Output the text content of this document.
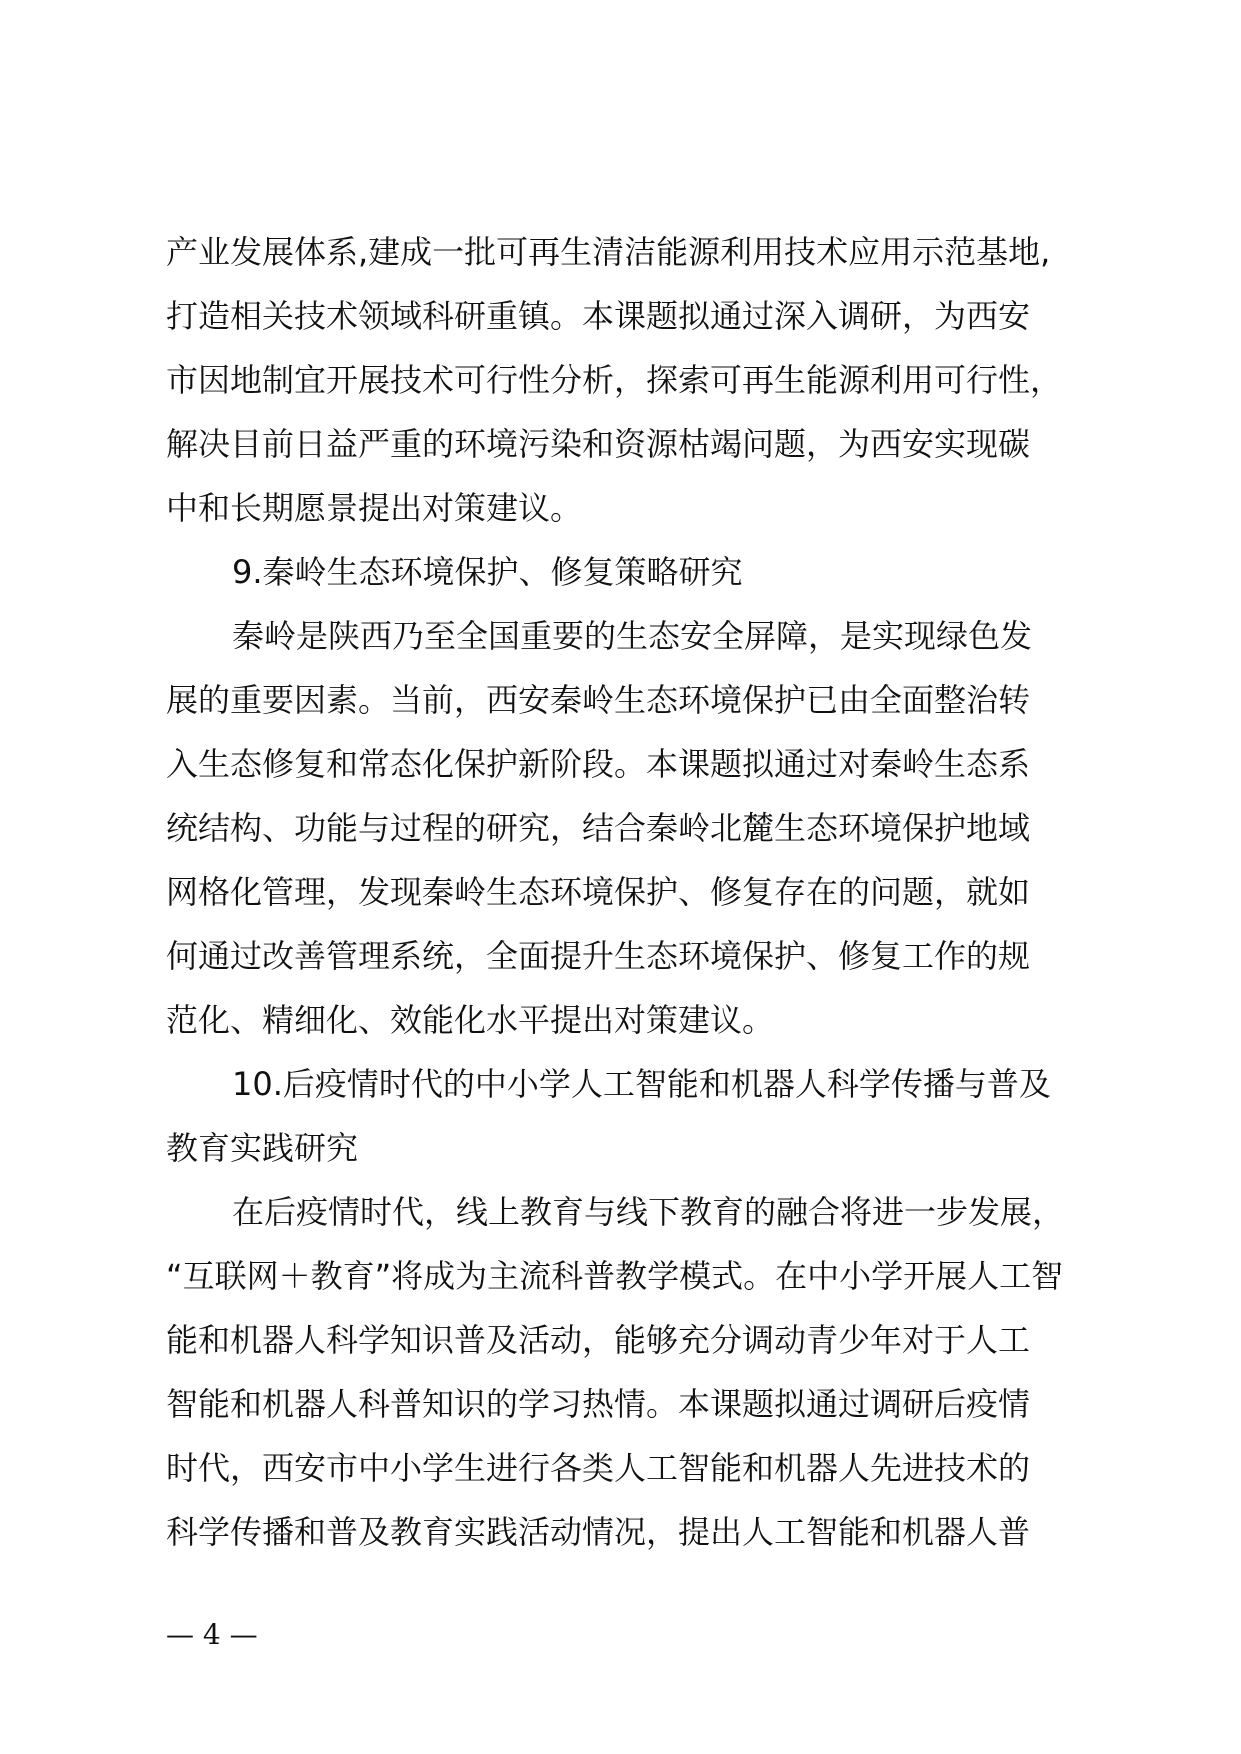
产业发展体系,建成一批可再生清洁能源利用技术应用示范基地,
打造相关技术领域科研重镇。本课题拟通过深入调研，为西安
市因地制宜开展技术可行性分析，探索可再生能源利用可行性，
解决目前日益严重的环境污染和资源枯竭问题，为西安实现碳
中和长期愿景提出对策建议。
9.秦岭生态环境保护、修复策略研究
秦岭是陕西乃至全国重要的生态安全屏障，是实现绿色发
展的重要因素。当前，西安秦岭生态环境保护已由全面整治转
入生态修复和常态化保护新阶段。本课题拟通过对秦岭生态系
统结构、功能与过程的研究，结合秦岭北麓生态环境保护地域
网格化管理，发现秦岭生态环境保护、修复存在的问题，就如
何通过改善管理系统，全面提升生态环境保护、修复工作的规
范化、精细化、效能化水平提出对策建议。
10.后疫情时代的中小学人工智能和机器人科学传播与普及
教育实践研究
在后疫情时代，线上教育与线下教育的融合将进一步发展，
“互联网＋教育”将成为主流科普教学模式。在中小学开展人工智
能和机器人科学知识普及活动，能够充分调动青少年对于人工
智能和机器人科普知识的学习热情。本课题拟通过调研后疫情
时代，西安市中小学生进行各类人工智能和机器人先进技术的
科学传播和普及教育实践活动情况，提出人工智能和机器人普
— 4 —
